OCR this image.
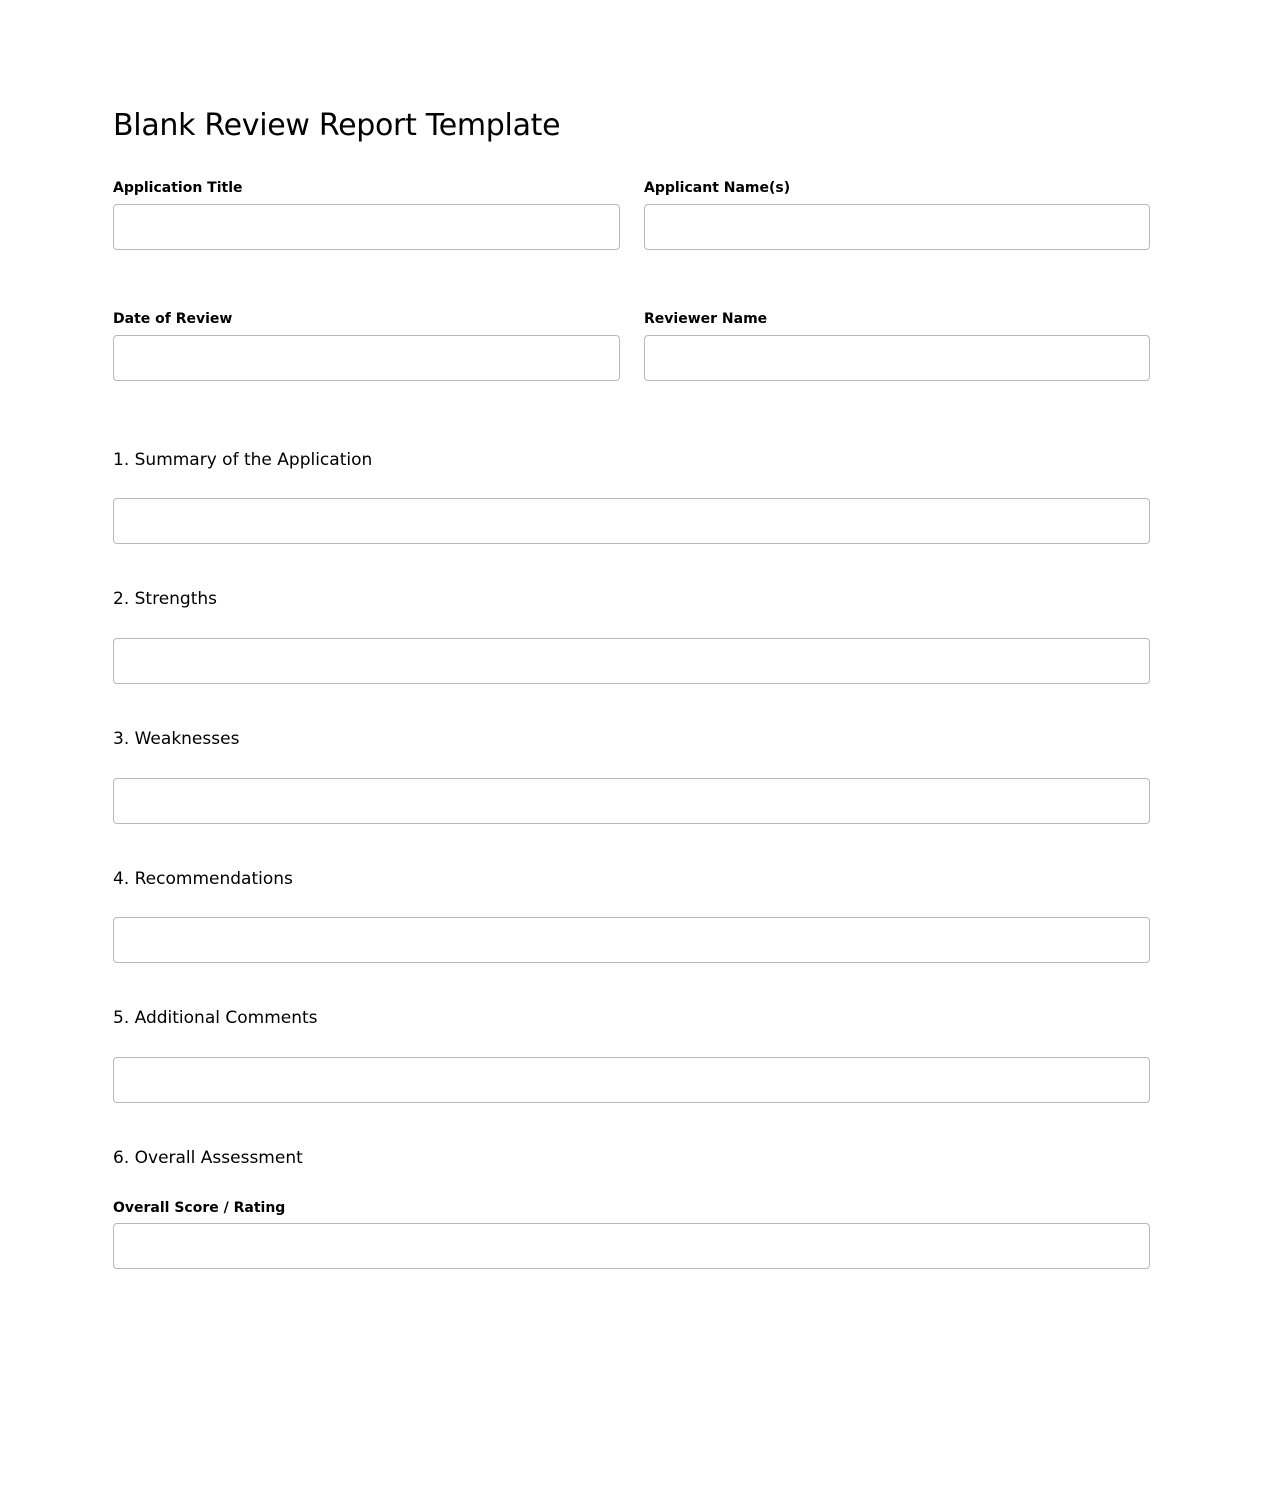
Blank Review Report Template
Application Title	Applicant Name(s)
Date of Review	Reviewer Name
1. Summary of the Application
2. Strengths
3. Weaknesses
4. Recommendations
5. Additional Comments
6. Overall Assessment
Overall Score / Rating
